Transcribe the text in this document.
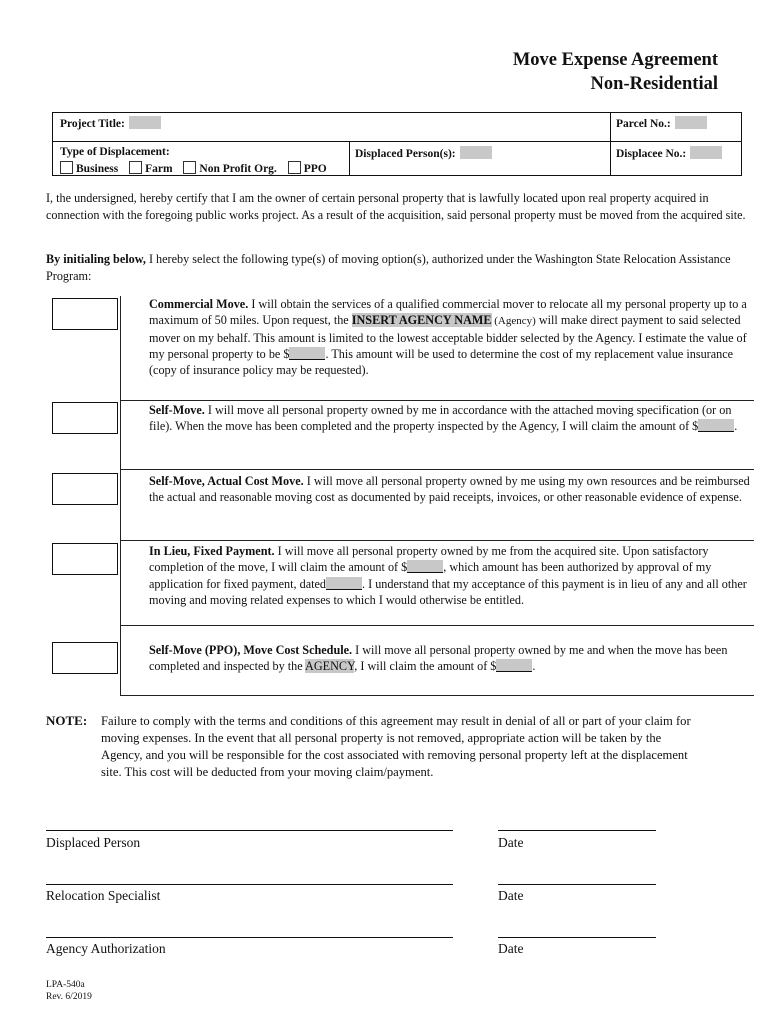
Move Expense Agreement
Non-Residential
Project Title:	Parcel No.:
Type of Displacement:
Business Farm Non Profit Org. PPO
Displaced Person(s):	Displacee No.:
I, the undersigned, hereby certify that I am the owner of certain personal property that is lawfully located upon real property acquired in connection with the foregoing public works project. As a result of the acquisition, said personal property must be moved from the acquired site.
By initialing below, I hereby select the following type(s) of moving option(s), authorized under the Washington State Relocation Assistance Program:
Commercial Move. I will obtain the services of a qualified commercial mover to relocate all my personal property up to a maximum of 50 miles. Upon request, the INSERT AGENCY NAME (Agency) will make direct payment to said selected mover on my behalf. This amount is limited to the lowest acceptable bidder selected by the Agency. I estimate the value of my personal property to be $	. This amount will be used to determine the cost of my replacement value insurance (copy of insurance policy may be requested).
Self-Move. I will move all personal property owned by me in accordance with the attached moving specification (or on file). When the move has been completed and the property inspected by the Agency, I will claim the amount of $	.
Self-Move, Actual Cost Move. I will move all personal property owned by me using my own resources and be reimbursed the actual and reasonable moving cost as documented by paid receipts, invoices, or other reasonable evidence of expense.
In Lieu, Fixed Payment. I will move all personal property owned by me from the acquired site. Upon satisfactory completion of the move, I will claim the amount of $	, which amount has been authorized by approval of my application for fixed payment, dated	. I understand that my acceptance of this payment is in lieu of any and all other moving and moving related expenses to which I would otherwise be entitled.
Self-Move (PPO), Move Cost Schedule. I will move all personal property owned by me and when the move has been completed and inspected by the AGENCY, I will claim the amount of $	.
NOTE: Failure to comply with the terms and conditions of this agreement may result in denial of all or part of your claim for moving expenses. In the event that all personal property is not removed, appropriate action will be taken by the Agency, and you will be responsible for the cost associated with removing personal property left at the displacement site. This cost will be deducted from your moving claim/payment.
Displaced Person	Date
Relocation Specialist	Date
Agency Authorization	Date
LPA-540a
Rev. 6/2019
